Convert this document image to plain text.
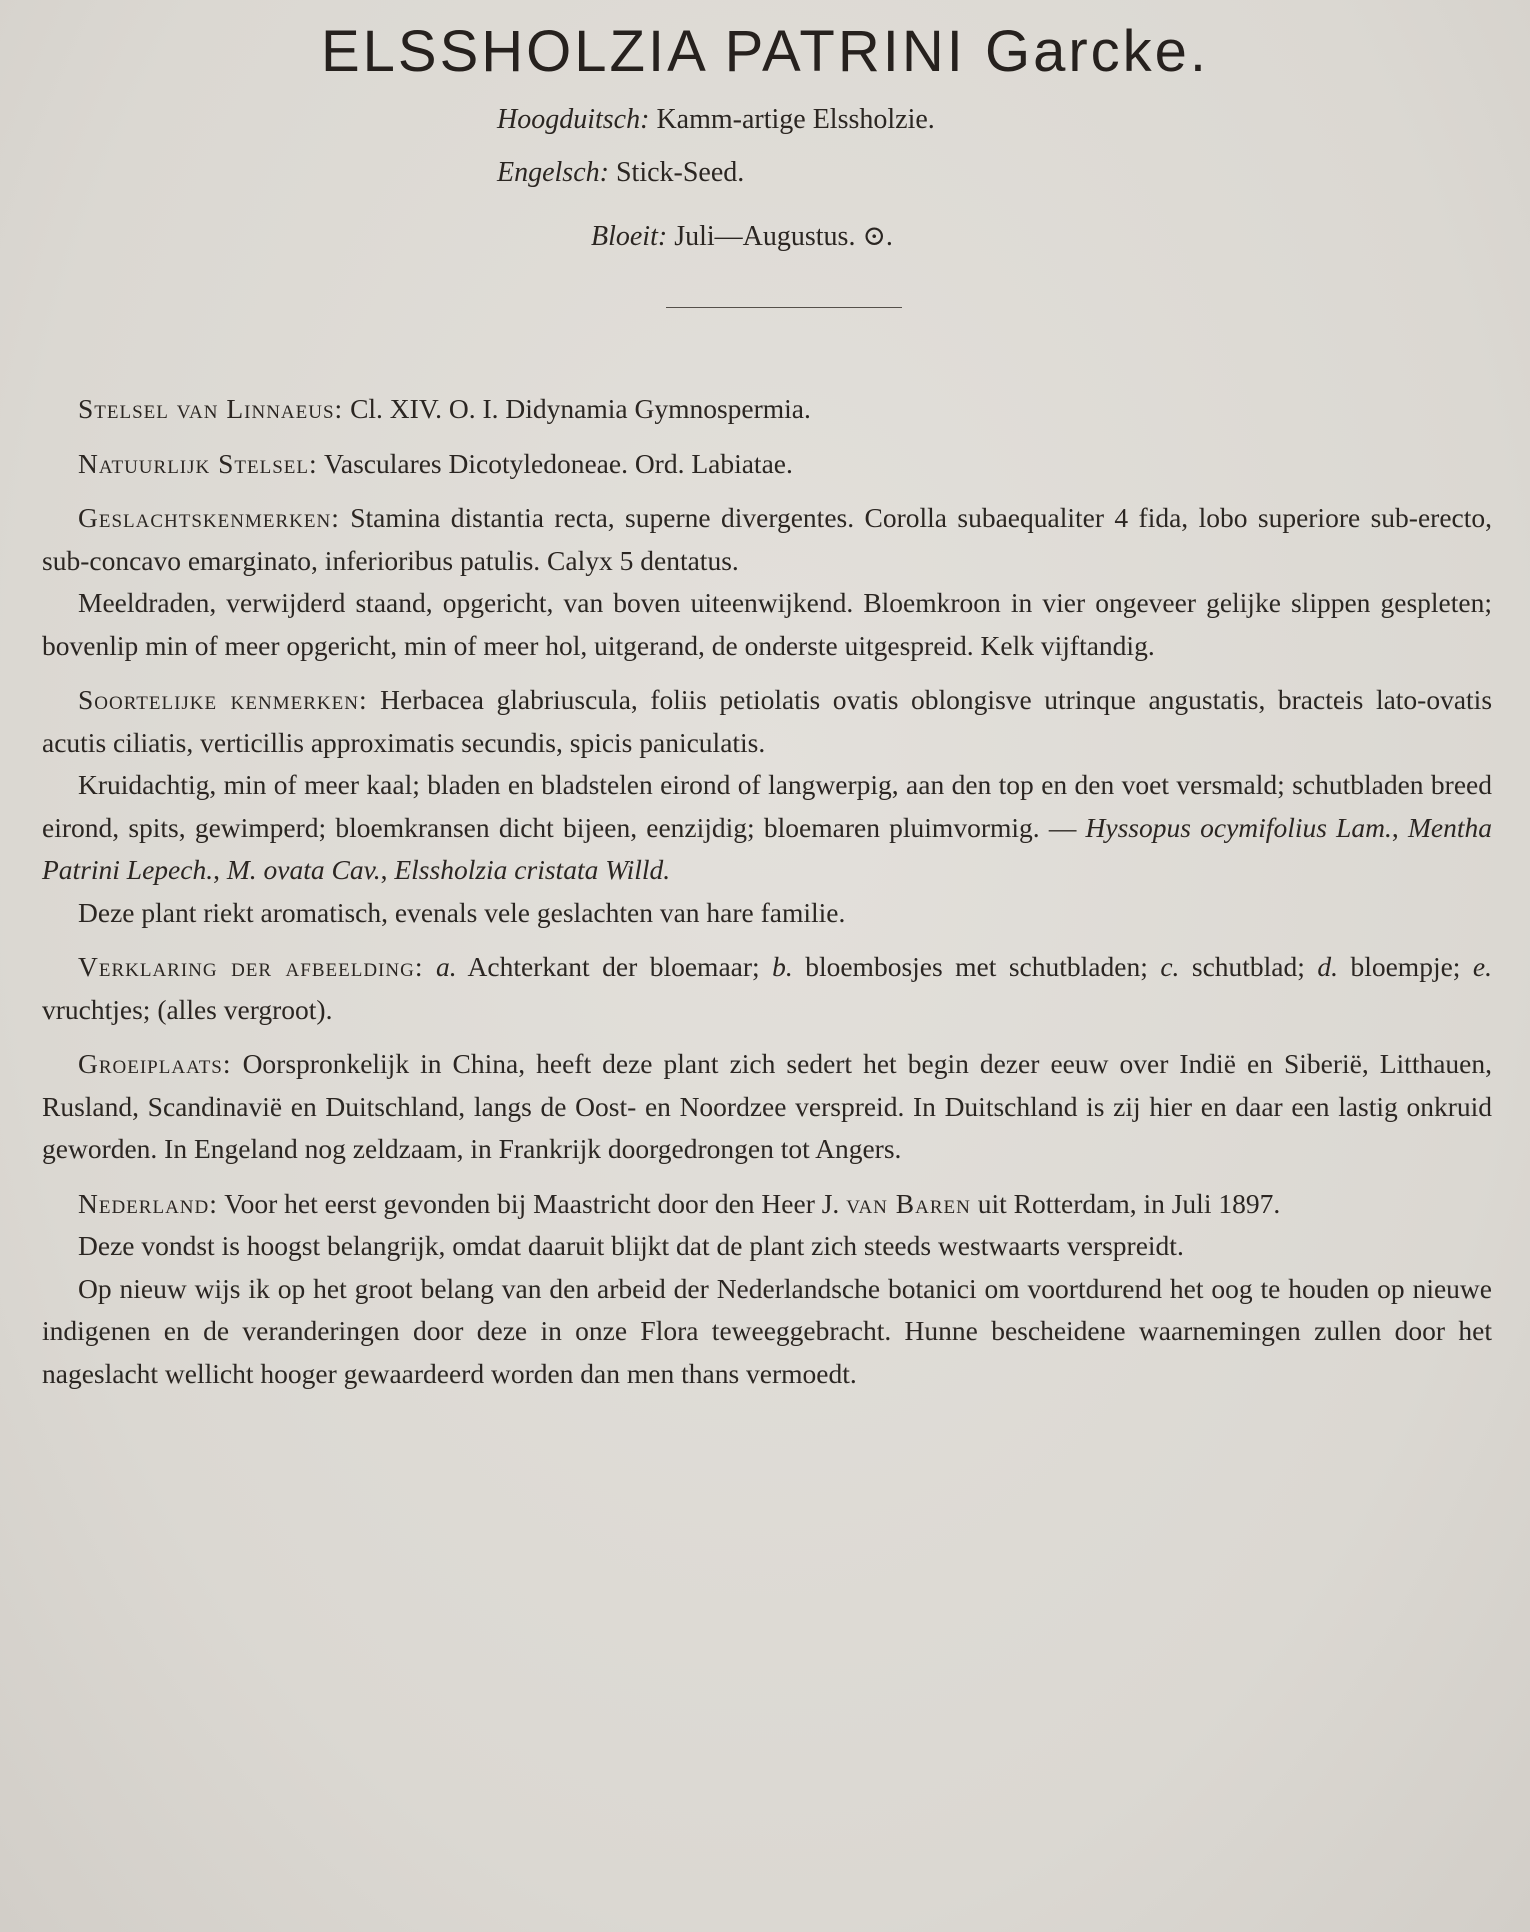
ELSSHOLZIA PATRINI Garcke.
Hoogduitsch: Kamm-artige Elssholzie.
Engelsch: Stick-Seed.
Bloeit: Juli—Augustus. ⊙.

Stelsel van Linnaeus: Cl. XIV. O. I. Didynamia Gymnospermia.

Natuurlijk Stelsel: Vasculares Dicotyledoneae. Ord. Labiatae.

Geslachtskenmerken: Stamina distantia recta, superne divergentes. Corolla subaequaliter 4 fida, lobo superiore sub-erecto, sub-concavo emarginato, inferioribus patulis. Calyx 5 dentatus.

Meeldraden, verwijderd staand, opgericht, van boven uiteenwijkend. Bloemkroon in vier ongeveer gelijke slippen gespleten; bovenlip min of meer opgericht, min of meer hol, uitgerand, de onderste uitgespreid. Kelk vijftandig.

Soortelijke kenmerken: Herbacea glabriuscula, foliis petiolatis ovatis oblongisve utrinque angustatis, bracteis lato-ovatis acutis ciliatis, verticillis approximatis secundis, spicis paniculatis.

Kruidachtig, min of meer kaal; bladen en bladstelen eirond of langwerpig, aan den top en den voet versmald; schutbladen breed eirond, spits, gewimperd; bloemkransen dicht bijeen, eenzijdig; bloemaren pluimvormig. — Hyssopus ocymifolius Lam., Mentha Patrini Lepech., M. ovata Cav., Elssholzia cristata Willd.

Deze plant riekt aromatisch, evenals vele geslachten van hare familie.

Verklaring der afbeelding: a. Achterkant der bloemaar; b. bloembosjes met schutbladen; c. schutblad; d. bloempje; e. vruchtjes; (alles vergroot).

Groeiplaats: Oorspronkelijk in China, heeft deze plant zich sedert het begin dezer eeuw over Indië en Siberië, Litthauen, Rusland, Scandinavië en Duitschland, langs de Oost- en Noordzee verspreid. In Duitschland is zij hier en daar een lastig onkruid geworden. In Engeland nog zeldzaam, in Frankrijk doorgedrongen tot Angers.

Nederland: Voor het eerst gevonden bij Maastricht door den Heer J. van Baren uit Rotterdam, in Juli 1897.

Deze vondst is hoogst belangrijk, omdat daaruit blijkt dat de plant zich steeds westwaarts verspreidt.

Op nieuw wijs ik op het groot belang van den arbeid der Nederlandsche botanici om voortdurend het oog te houden op nieuwe indigenen en de veranderingen door deze in onze Flora teweeggebracht. Hunne bescheidene waarnemingen zullen door het nageslacht wellicht hooger gewaardeerd worden dan men thans vermoedt.
